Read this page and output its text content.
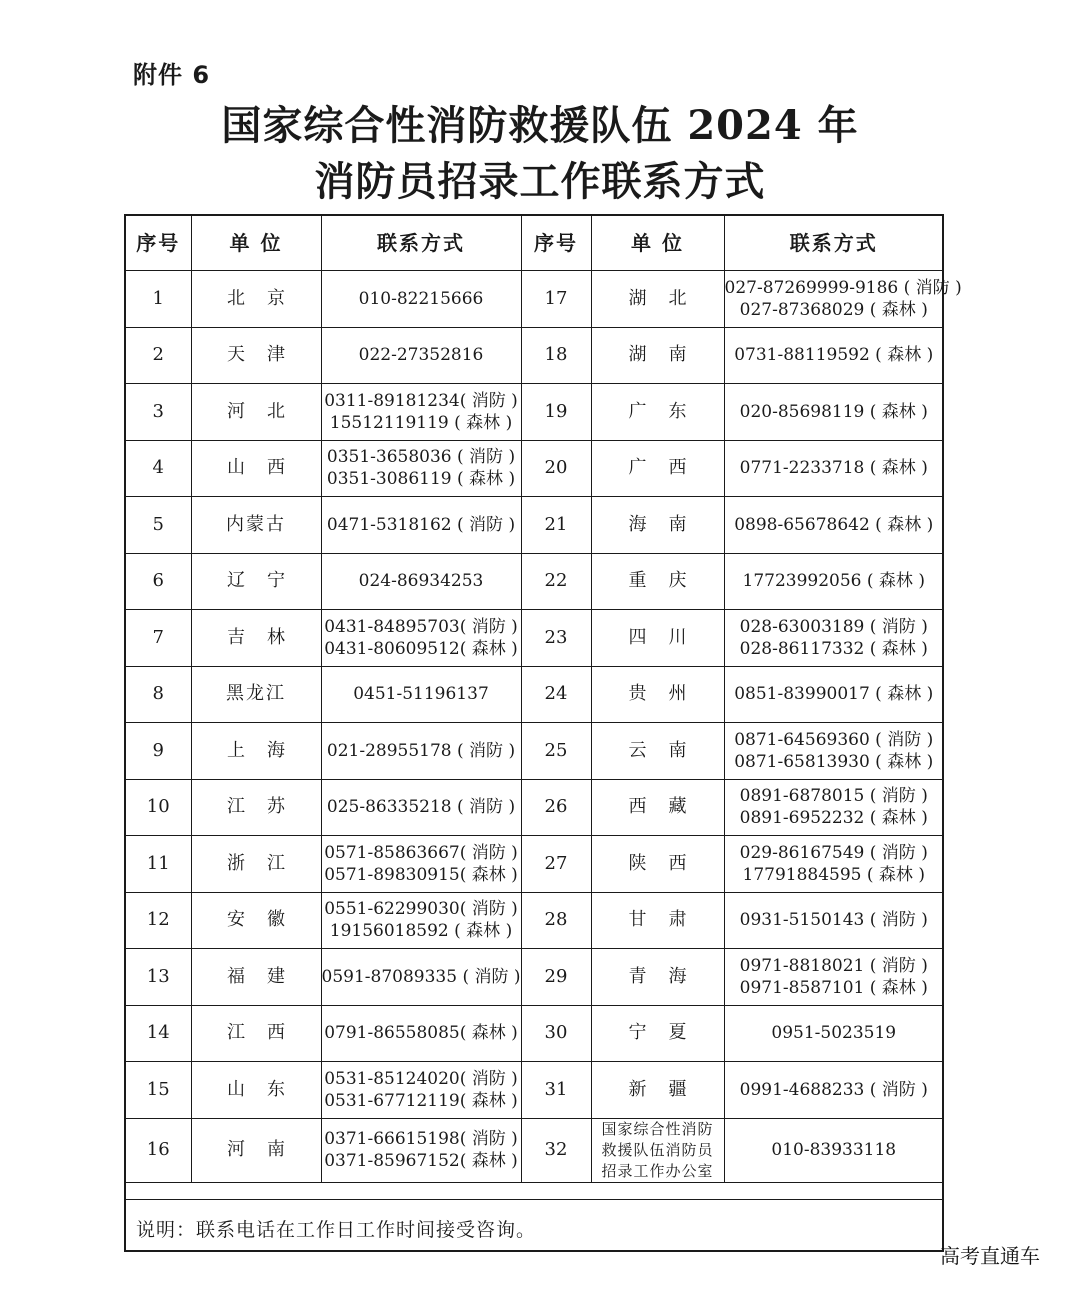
附件 6
国家综合性消防救援队伍 2024 年
消防员招录工作联系方式
序号	单 位	联系方式	序号	单 位	联系方式
1	北京	010-82215666	17	湖北	027-87269999-9186 ( 消防 )
027-87368029 ( 森林 )

2	天津	022-27352816	18	湖南	0731-88119592 ( 森林 )

3	河北	0311-89181234( 消防 )
15512119119 ( 森林 )	19	广东	020-85698119 ( 森林 )

4	山西	0351-3658036 ( 消防 )
0351-3086119 ( 森林 )	20	广西	0771-2233718 ( 森林 )

5	内蒙古	0471-5318162 ( 消防 )	21	海南	0898-65678642 ( 森林 )

6	辽宁	024-86934253	22	重庆	17723992056 ( 森林 )

7	吉林	0431-84895703( 消防 )
0431-80609512( 森林 )	23	四川	028-63003189 ( 消防 )
028-86117332 ( 森林 )

8	黑龙江	0451-51196137	24	贵州	0851-83990017 ( 森林 )

9	上海	021-28955178 ( 消防 )	25	云南	0871-64569360 ( 消防 )
0871-65813930 ( 森林 )

10	江苏	025-86335218 ( 消防 )	26	西藏	0891-6878015 ( 消防 )
0891-6952232 ( 森林 )

11	浙江	0571-85863667( 消防 )
0571-89830915( 森林 )	27	陕西	029-86167549 ( 消防 )
17791884595 ( 森林 )

12	安徽	0551-62299030( 消防 )
19156018592 ( 森林 )	28	甘肃	0931-5150143 ( 消防 )

13	福建	0591-87089335 ( 消防 )	29	青海	0971-8818021 ( 消防 )
0971-8587101 ( 森林 )

14	江西	0791-86558085( 森林 )	30	宁夏	0951-5023519

15	山东	0531-85124020( 消防 )
0531-67712119( 森林 )	31	新疆	0991-4688233 ( 消防 )

16	河南	0371-66615198( 消防 )
0371-85967152( 森林 )	32	国家综合性消防
救援队伍消防员
招录工作办公室	010-83933118
说明：联系电话在工作日工作时间接受咨询。
高考直通车
